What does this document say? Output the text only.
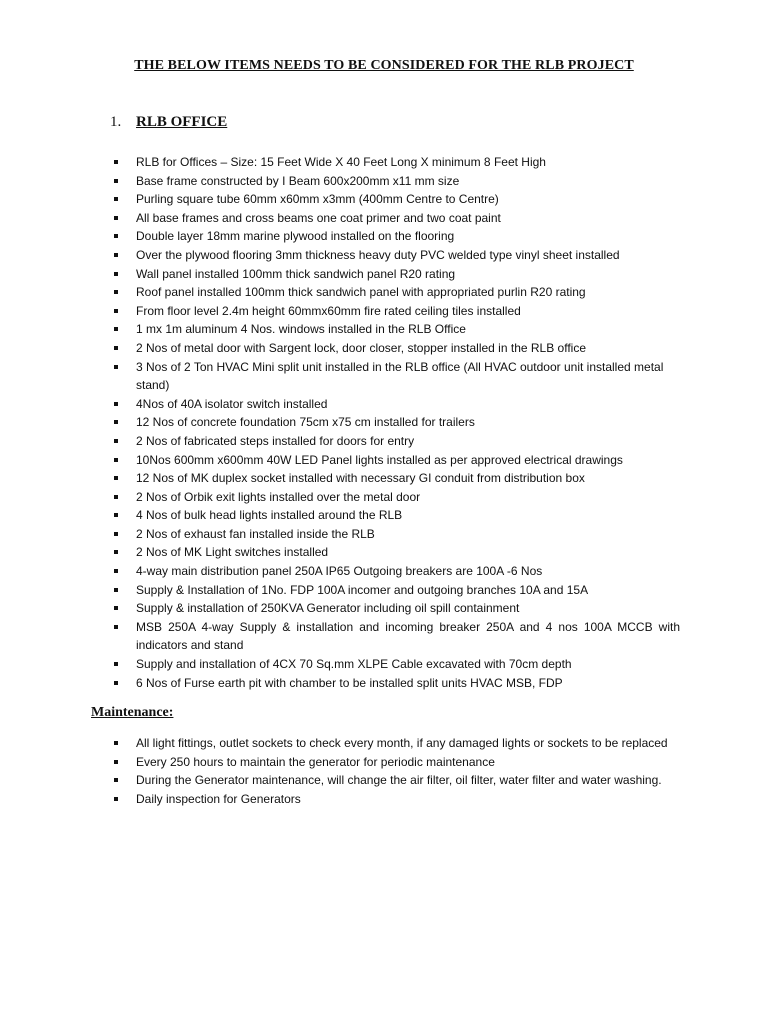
THE BELOW ITEMS NEEDS TO BE CONSIDERED FOR THE RLB PROJECT
1. RLB OFFICE
RLB for Offices – Size: 15 Feet Wide X 40 Feet Long X minimum 8 Feet High
Base frame constructed by I Beam 600x200mm x11 mm size
Purling square tube 60mm x60mm x3mm (400mm Centre to Centre)
All base frames and cross beams one coat primer and two coat paint
Double layer 18mm marine plywood installed on the flooring
Over the plywood flooring 3mm thickness heavy duty PVC welded type vinyl sheet installed
Wall panel installed 100mm thick sandwich panel R20 rating
Roof panel installed 100mm thick sandwich panel with appropriated purlin R20 rating
From floor level 2.4m height 60mmx60mm fire rated ceiling tiles installed
1 mx 1m aluminum 4 Nos. windows installed in the RLB Office
2 Nos of metal door with Sargent lock, door closer, stopper installed in the RLB office
3 Nos of 2 Ton HVAC Mini split unit installed in the RLB office (All HVAC outdoor unit installed metal stand)
4Nos of 40A isolator switch installed
12 Nos of concrete foundation 75cm x75 cm installed for trailers
2 Nos of fabricated steps installed for doors for entry
10Nos 600mm x600mm 40W LED Panel lights installed as per approved electrical drawings
12 Nos of MK duplex socket installed with necessary GI conduit from distribution box
2 Nos of Orbik exit lights installed over the metal door
4 Nos of bulk head lights installed around the RLB
2 Nos of exhaust fan installed inside the RLB
2 Nos of MK Light switches installed
4-way main distribution panel 250A IP65 Outgoing breakers are 100A -6 Nos
Supply & Installation of 1No. FDP 100A incomer and outgoing branches 10A and 15A
Supply & installation of 250KVA Generator including oil spill containment
MSB 250A 4-way Supply & installation and incoming breaker 250A and 4 nos 100A MCCB with indicators and stand
Supply and installation of 4CX 70 Sq.mm XLPE Cable excavated with 70cm depth
6 Nos of Furse earth pit with chamber to be installed split units HVAC MSB, FDP
Maintenance:
All light fittings, outlet sockets to check every month, if any damaged lights or sockets to be replaced
Every 250 hours to maintain the generator for periodic maintenance
During the Generator maintenance, will change the air filter, oil filter, water filter and water washing.
Daily inspection for Generators
